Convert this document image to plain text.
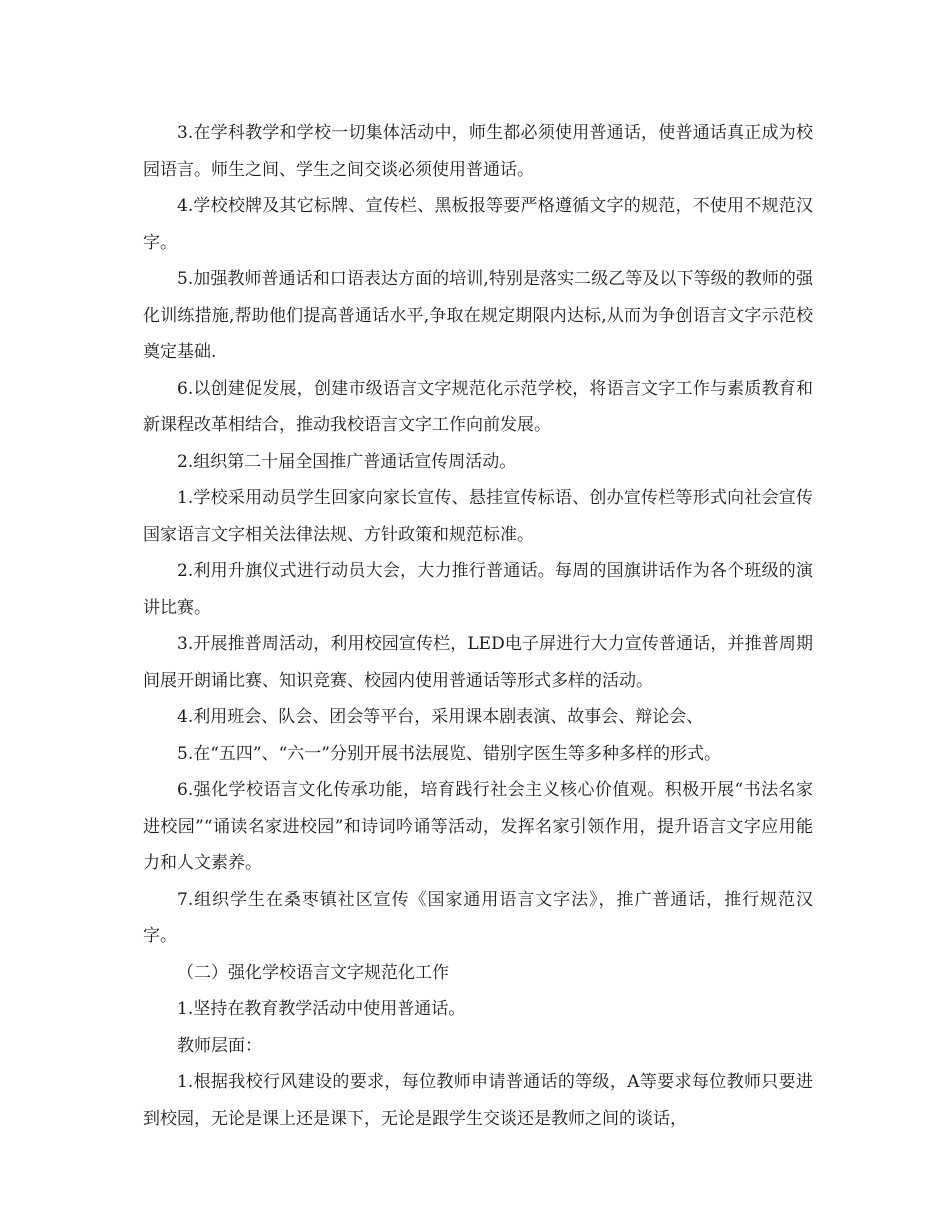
3.在学科教学和学校一切集体活动中，师生都必须使用普通话，使普通话真正成为校园语言。师生之间、学生之间交谈必须使用普通话。

4.学校校牌及其它标牌、宣传栏、黑板报等要严格遵循文字的规范，不使用不规范汉字。

5.加强教师普通话和口语表达方面的培训,特别是落实二级乙等及以下等级的教师的强化训练措施,帮助他们提高普通话水平,争取在规定期限内达标,从而为争创语言文字示范校奠定基础.

6.以创建促发展，创建市级语言文字规范化示范学校，将语言文字工作与素质教育和新课程改革相结合，推动我校语言文字工作向前发展。

2.组织第二十届全国推广普通话宣传周活动。

1.学校采用动员学生回家向家长宣传、悬挂宣传标语、创办宣传栏等形式向社会宣传国家语言文字相关法律法规、方针政策和规范标准。

2.利用升旗仪式进行动员大会，大力推行普通话。每周的国旗讲话作为各个班级的演讲比赛。

3.开展推普周活动，利用校园宣传栏，LED电子屏进行大力宣传普通话，并推普周期间展开朗诵比赛、知识竞赛、校园内使用普通话等形式多样的活动。

4.利用班会、队会、团会等平台，采用课本剧表演、故事会、辩论会、

5.在“五四”、“六一”分别开展书法展览、错别字医生等多种多样的形式。

6.强化学校语言文化传承功能，培育践行社会主义核心价值观。积极开展“书法名家进校园”“诵读名家进校园”和诗词吟诵等活动，发挥名家引领作用，提升语言文字应用能力和人文素养。

7.组织学生在桑枣镇社区宣传《国家通用语言文字法》，推广普通话，推行规范汉字。

（二）强化学校语言文字规范化工作

1.坚持在教育教学活动中使用普通话。

教师层面：

1.根据我校行风建设的要求，每位教师申请普通话的等级，A等要求每位教师只要进到校园，无论是课上还是课下，无论是跟学生交谈还是教师之间的谈话，
